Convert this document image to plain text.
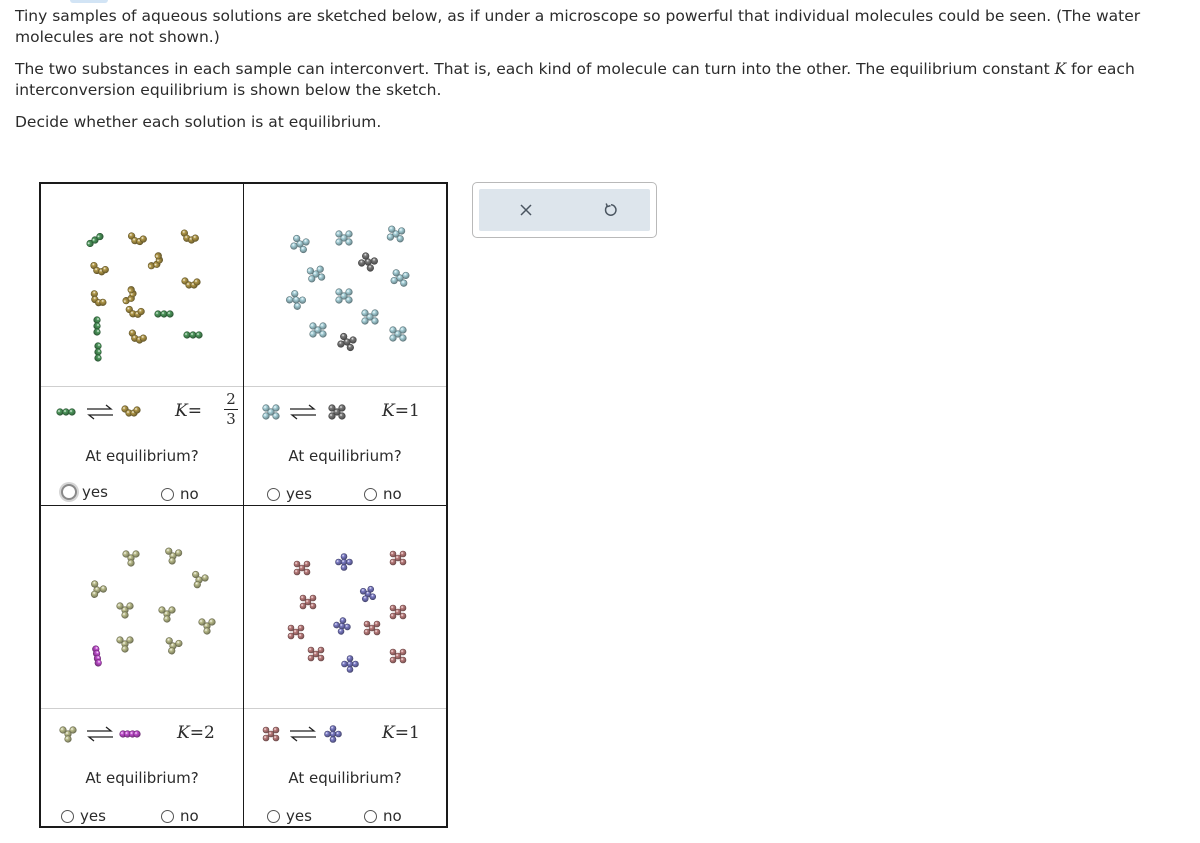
Tiny samples of aqueous solutions are sketched below, as if under a microscope so powerful that individual molecules could be seen. (The water molecules are not shown.)

The two substances in each sample can interconvert. That is, each kind of molecule can turn into the other. The equilibrium constant K for each interconversion equilibrium is shown below the sketch.

Decide whether each solution is at equilibrium.

K=
2
3
At equilibrium?
yes	no
K=1
At equilibrium?
yes	no
K=2
At equilibrium?
yes	no
K=1
At equilibrium?
yes	no
